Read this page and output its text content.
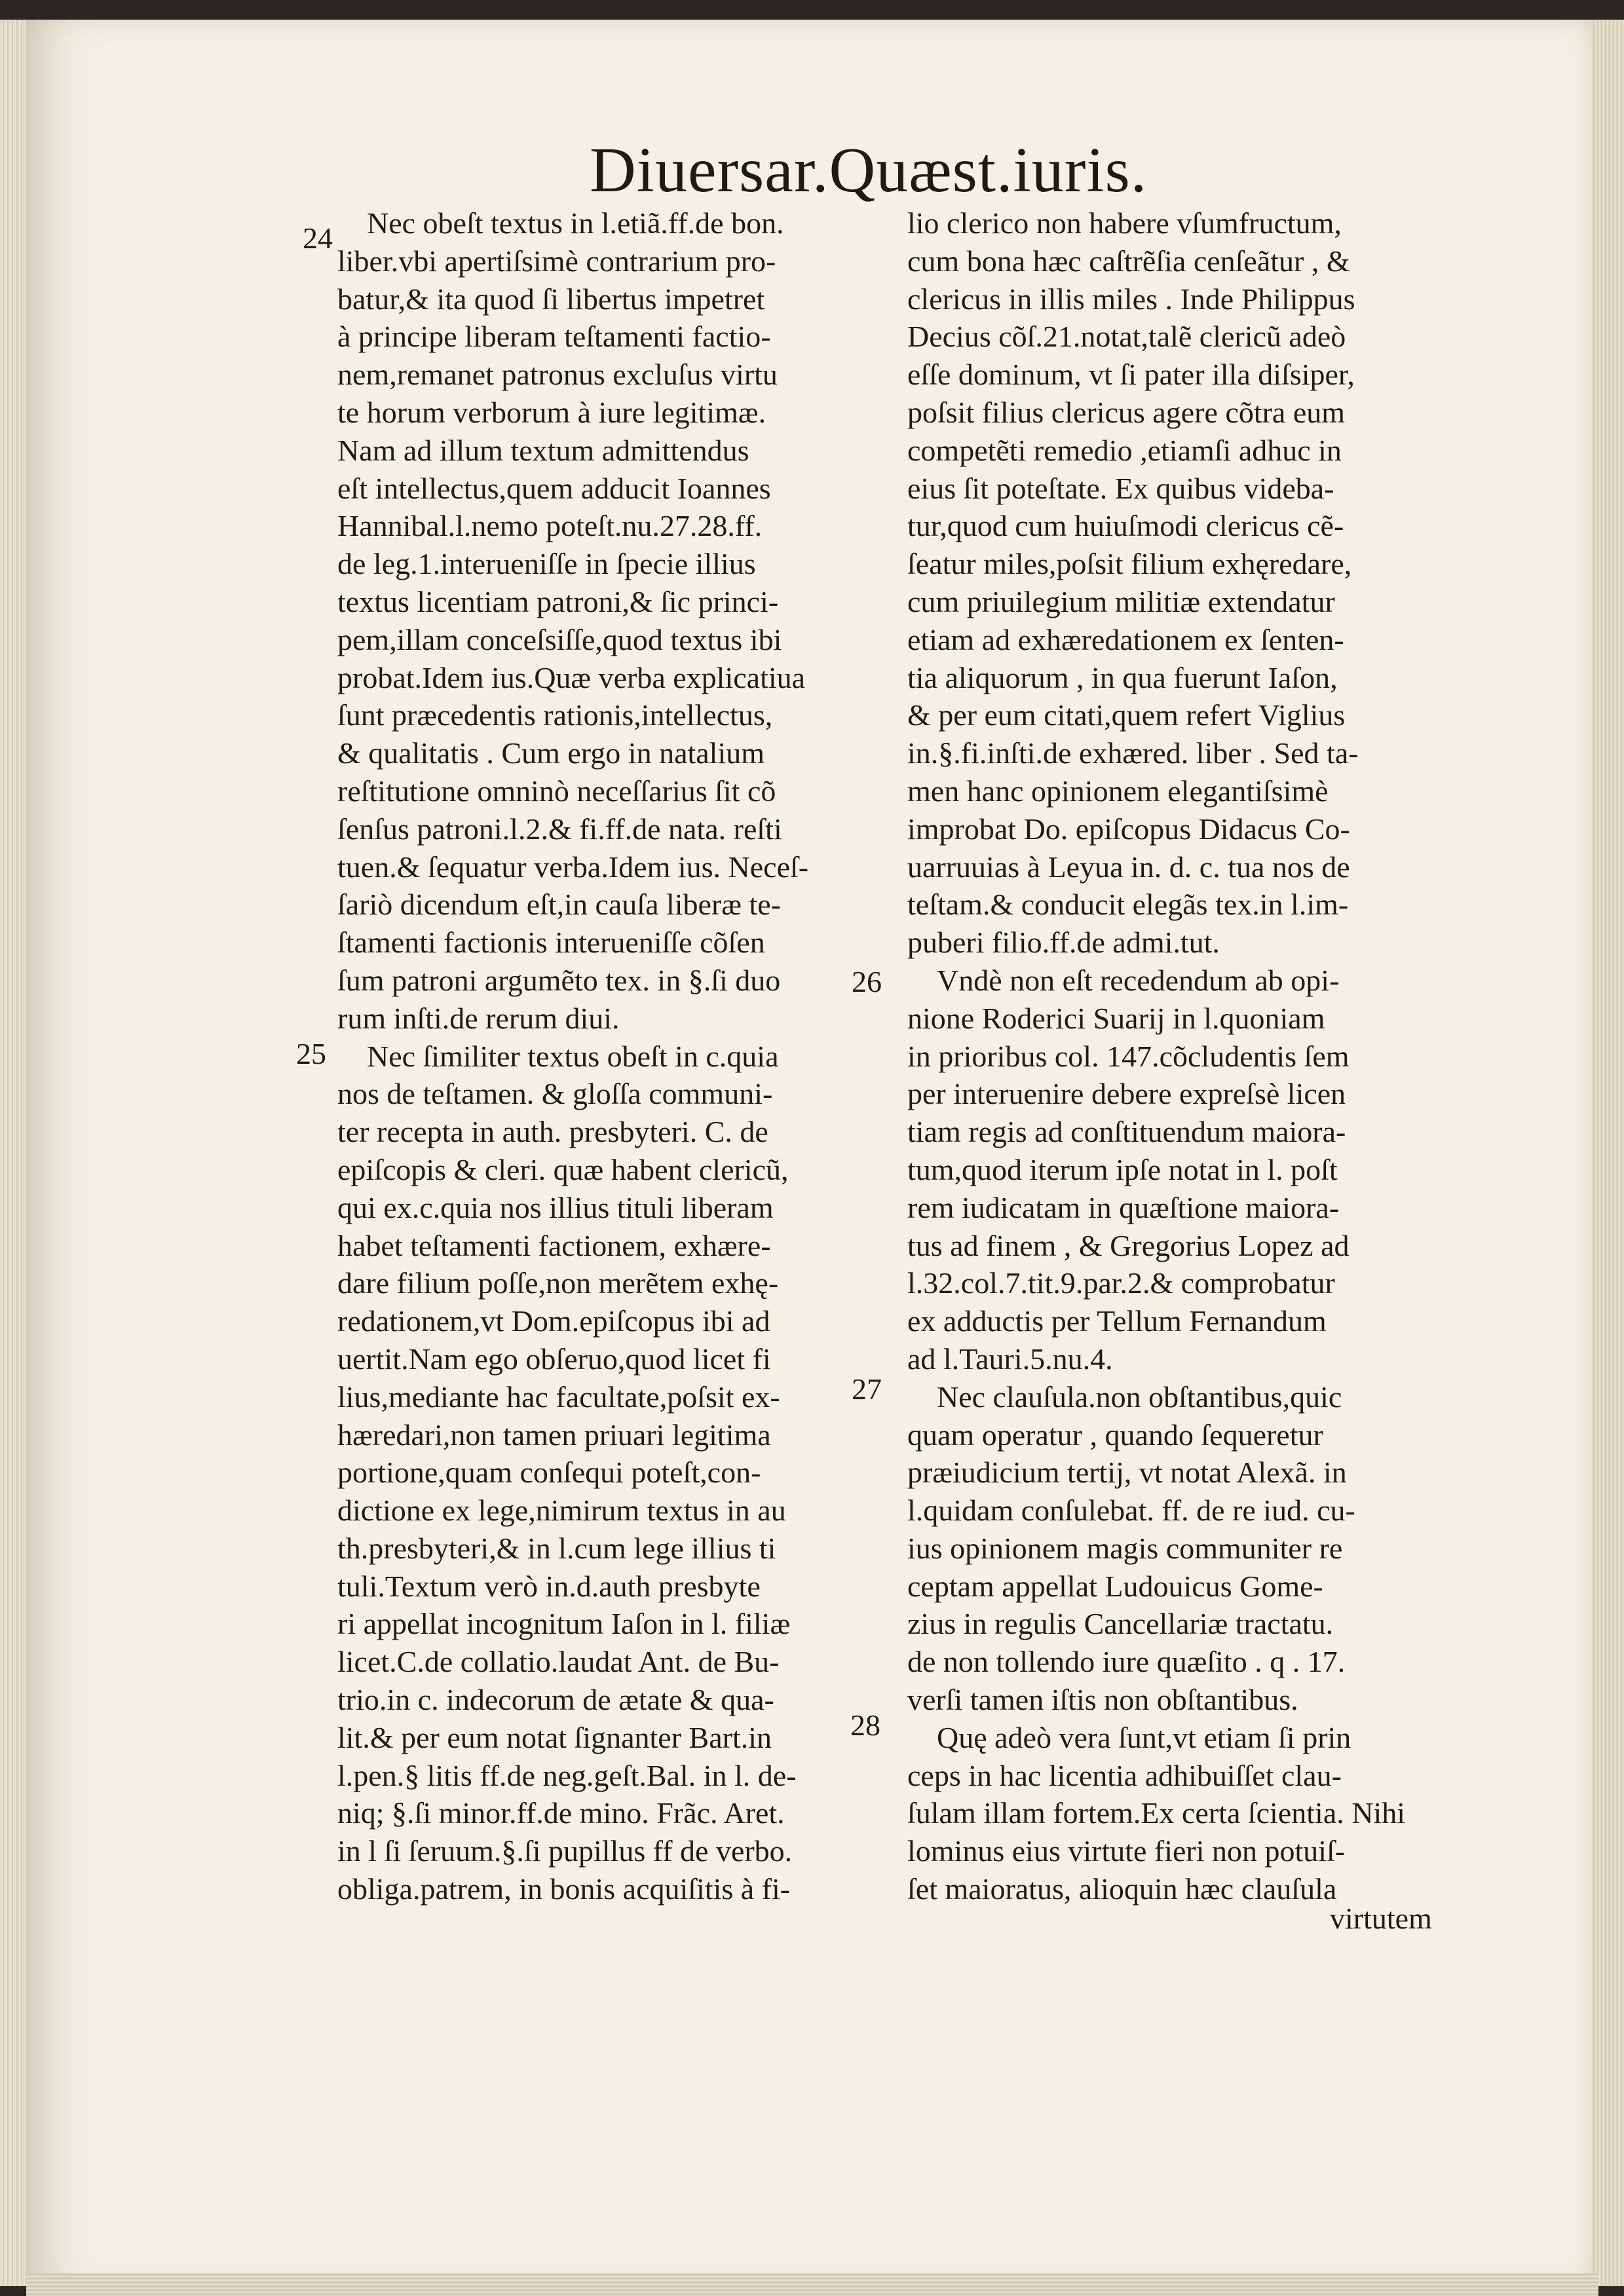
Diuersar.Quæst.iuris.
Nec obeſt textus in l.etiã.ff.de bon.
liber.vbi apertiſsimè contrarium pro-
batur,& ita quod ſi libertus impetret
à principe liberam teſtamenti factio-
nem,remanet patronus excluſus virtu
te horum verborum à iure legitimæ.
Nam ad illum textum admittendus
eſt intellectus,quem adducit Ioannes
Hannibal.l.nemo poteſt.nu.27.28.ff.
de leg.1.interueniſſe in ſpecie illius
textus licentiam patroni,& ſic princi-
pem,illam conceſsiſſe,quod textus ibi
probat.Idem ius.Quæ verba explicatiua
ſunt præcedentis rationis,intellectus,
& qualitatis . Cum ergo in natalium
reſtitutione omninò neceſſarius ſit cõ
ſenſus patroni.l.2.& fi.ff.de nata. reſti
tuen.& ſequatur verba.Idem ius. Neceſ-
ſariò dicendum eſt,in cauſa liberæ te-
ſtamenti factionis interueniſſe cõſen
ſum patroni argumẽto tex. in §.ſi duo
rum inſti.de rerum diui.
Nec ſimiliter textus obeſt in c.quia
nos de teſtamen. & gloſſa communi-
ter recepta in auth. presbyteri. C. de
epiſcopis & cleri. quæ habent clericũ,
qui ex.c.quia nos illius tituli liberam
habet teſtamenti factionem, exhære-
dare filium poſſe,non merẽtem exhę-
redationem,vt Dom.epiſcopus ibi ad
uertit.Nam ego obſeruo,quod licet fi
lius,mediante hac facultate,poſsit ex-
hæredari,non tamen priuari legitima
portione,quam conſequi poteſt,con-
dictione ex lege,nimirum textus in au
th.presbyteri,& in l.cum lege illius ti
tuli.Textum verò in.d.auth presbyte
ri appellat incognitum Iaſon in l. filiæ
licet.C.de collatio.laudat Ant. de Bu-
trio.in c. indecorum de ætate & qua-
lit.& per eum notat ſignanter Bart.in
l.pen.§ litis ff.de neg.geſt.Bal. in l. de-
niq; §.ſi minor.ff.de mino. Frãc. Aret.
in l ſi ſeruum.§.ſi pupillus ff de verbo.
obliga.patrem, in bonis acquiſitis à fi-
lio clerico non habere vſumfructum,
cum bona hæc caſtrẽſia cenſeãtur , &
clericus in illis miles . Inde Philippus
Decius cõſ.21.notat,talẽ clericũ adeò
eſſe dominum, vt ſi pater illa diſsiper,
poſsit filius clericus agere cõtra eum
competẽti remedio ,etiamſi adhuc in
eius ſit poteſtate. Ex quibus videba-
tur,quod cum huiuſmodi clericus cẽ-
ſeatur miles,poſsit filium exhęredare,
cum priuilegium militiæ extendatur
etiam ad exhæredationem ex ſenten-
tia aliquorum , in qua fuerunt Iaſon,
& per eum citati,quem refert Viglius
in.§.fi.inſti.de exhæred. liber . Sed ta-
men hanc opinionem elegantiſsimè
improbat Do. epiſcopus Didacus Co-
uarruuias à Leyua in. d. c. tua nos de
teſtam.& conducit elegãs tex.in l.im-
puberi filio.ff.de admi.tut.
Vndè non eſt recedendum ab opi-
nione Roderici Suarij in l.quoniam
in prioribus col. 147.cõcludentis ſem
per interuenire debere expreſsè licen
tiam regis ad conſtituendum maiora-
tum,quod iterum ipſe notat in l. poſt
rem iudicatam in quæſtione maiora-
tus ad finem , & Gregorius Lopez ad
l.32.col.7.tit.9.par.2.& comprobatur
ex adductis per Tellum Fernandum
ad l.Tauri.5.nu.4.
Nec clauſula.non obſtantibus,quic
quam operatur , quando ſequeretur
præiudicium tertij, vt notat Alexã. in
l.quidam conſulebat. ff. de re iud. cu-
ius opinionem magis communiter re
ceptam appellat Ludouicus Gome-
zius in regulis Cancellariæ tractatu.
de non tollendo iure quæſito . q . 17.
verſi tamen iſtis non obſtantibus.
Quę adeò vera ſunt,vt etiam ſi prin
ceps in hac licentia adhibuiſſet clau-
ſulam illam fortem.Ex certa ſcientia. Nihi
lominus eius virtute fieri non potuiſ-
ſet maioratus, alioquin hæc clauſula
24
25
26
27
28
virtutem
